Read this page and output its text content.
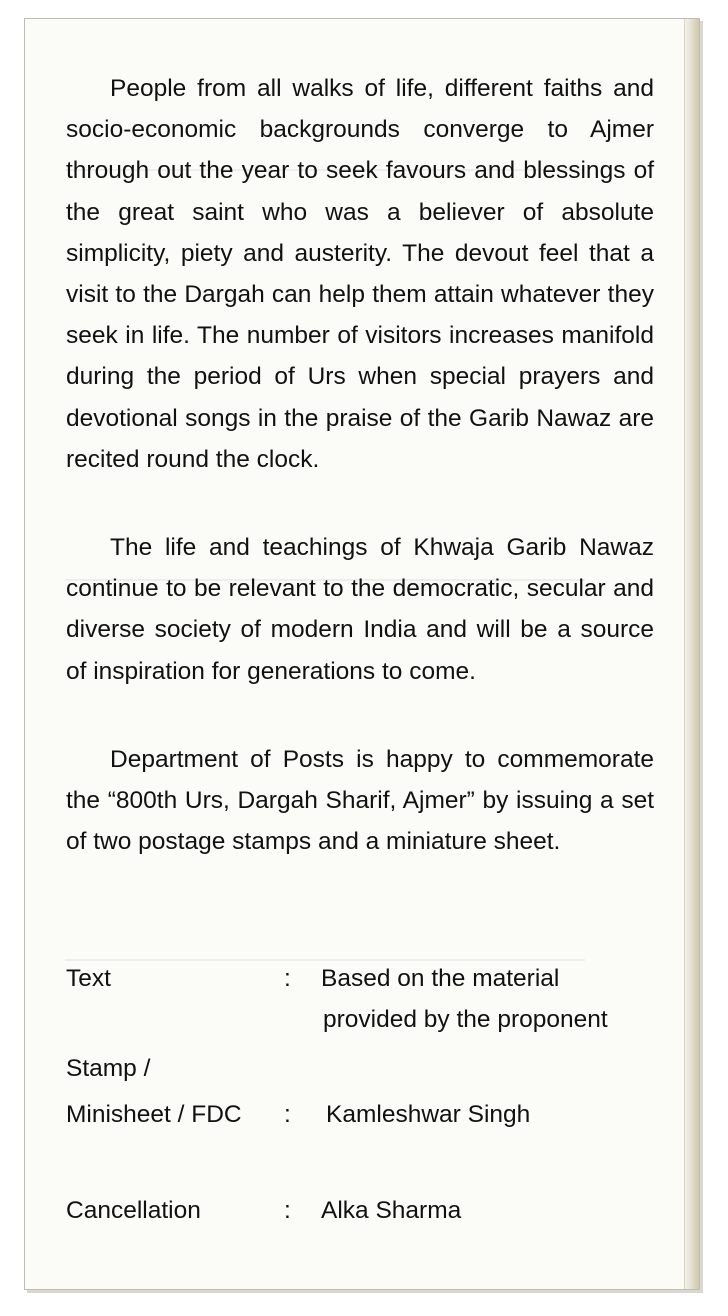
People from all walks of life, different faiths and socio-economic backgrounds converge to Ajmer through out the year to seek favours and blessings of the great saint who was a believer of absolute simplicity, piety and austerity. The devout feel that a visit to the Dargah can help them attain whatever they seek in life. The number of visitors increases manifold during the period of Urs when special prayers and devotional songs in the praise of the Garib Nawaz are recited round the clock.

The life and teachings of Khwaja Garib Nawaz continue to be relevant to the democratic, secular and diverse society of modern India and will be a source of inspiration for generations to come.

Department of Posts is happy to commemorate the “800th Urs, Dargah Sharif, Ajmer” by issuing a set of two postage stamps and a miniature sheet.

Text	: Based on the material
provided by the proponent
Stamp /
Minisheet / FDC : Kamleshwar Singh
Cancellation	: Alka Sharma
